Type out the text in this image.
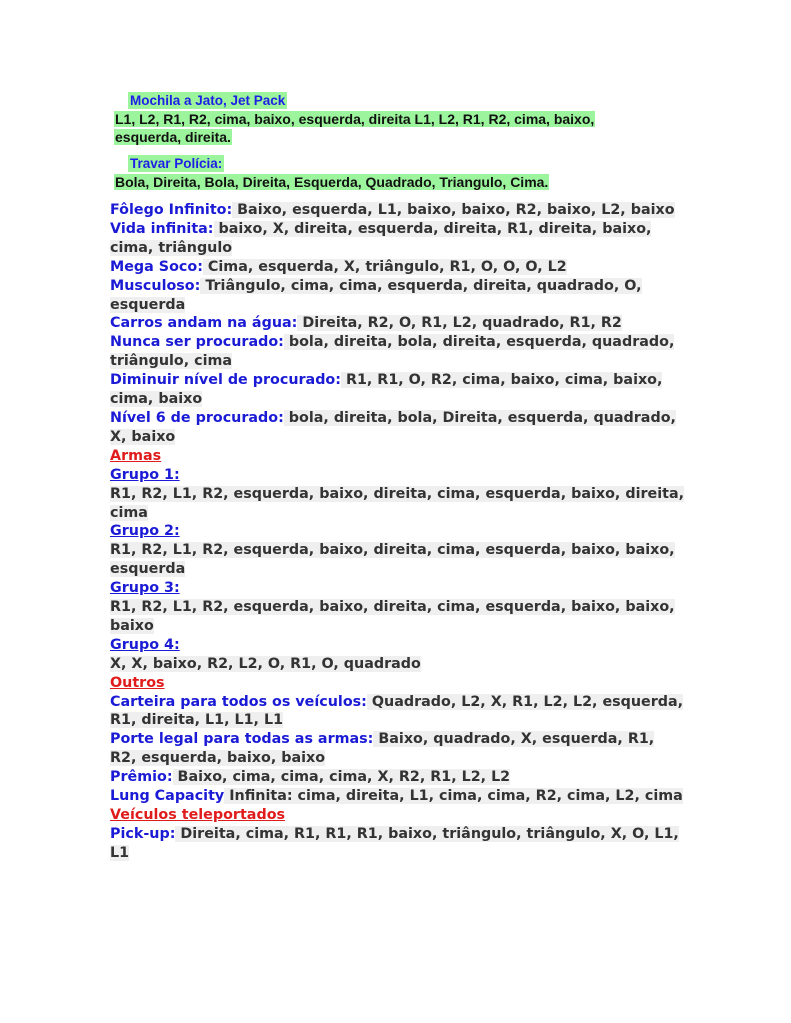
Mochila a Jato, Jet Pack
L1, L2, R1, R2, cima, baixo, esquerda, direita L1, L2, R1, R2, cima, baixo, esquerda, direita.
Travar Polícia:
Bola, Direita, Bola, Direita, Esquerda, Quadrado, Triangulo, Cima.

Fôlego Infinito: Baixo, esquerda, L1, baixo, baixo, R2, baixo, L2, baixo

Vida infinita: baixo, X, direita, esquerda, direita, R1, direita, baixo, cima, triângulo

Mega Soco: Cima, esquerda, X, triângulo, R1, O, O, O, L2

Musculoso: Triângulo, cima, cima, esquerda, direita, quadrado, O, esquerda

Carros andam na água: Direita, R2, O, R1, L2, quadrado, R1, R2

Nunca ser procurado: bola, direita, bola, direita, esquerda, quadrado, triângulo, cima

Diminuir nível de procurado: R1, R1, O, R2, cima, baixo, cima, baixo, cima, baixo

Nível 6 de procurado: bola, direita, bola, Direita, esquerda, quadrado, X, baixo

Armas

Grupo 1:

R1, R2, L1, R2, esquerda, baixo, direita, cima, esquerda, baixo, direita, cima

Grupo 2:

R1, R2, L1, R2, esquerda, baixo, direita, cima, esquerda, baixo, baixo, esquerda

Grupo 3:

R1, R2, L1, R2, esquerda, baixo, direita, cima, esquerda, baixo, baixo, baixo

Grupo 4:

X, X, baixo, R2, L2, O, R1, O, quadrado

Outros

Carteira para todos os veículos: Quadrado, L2, X, R1, L2, L2, esquerda, R1, direita, L1, L1, L1

Porte legal para todas as armas: Baixo, quadrado, X, esquerda, R1, R2, esquerda, baixo, baixo

Prêmio: Baixo, cima, cima, cima, X, R2, R1, L2, L2

Lung Capacity Infinita: cima, direita, L1, cima, cima, R2, cima, L2, cima

Veículos teleportados

Pick-up: Direita, cima, R1, R1, R1, baixo, triângulo, triângulo, X, O, L1, L1
